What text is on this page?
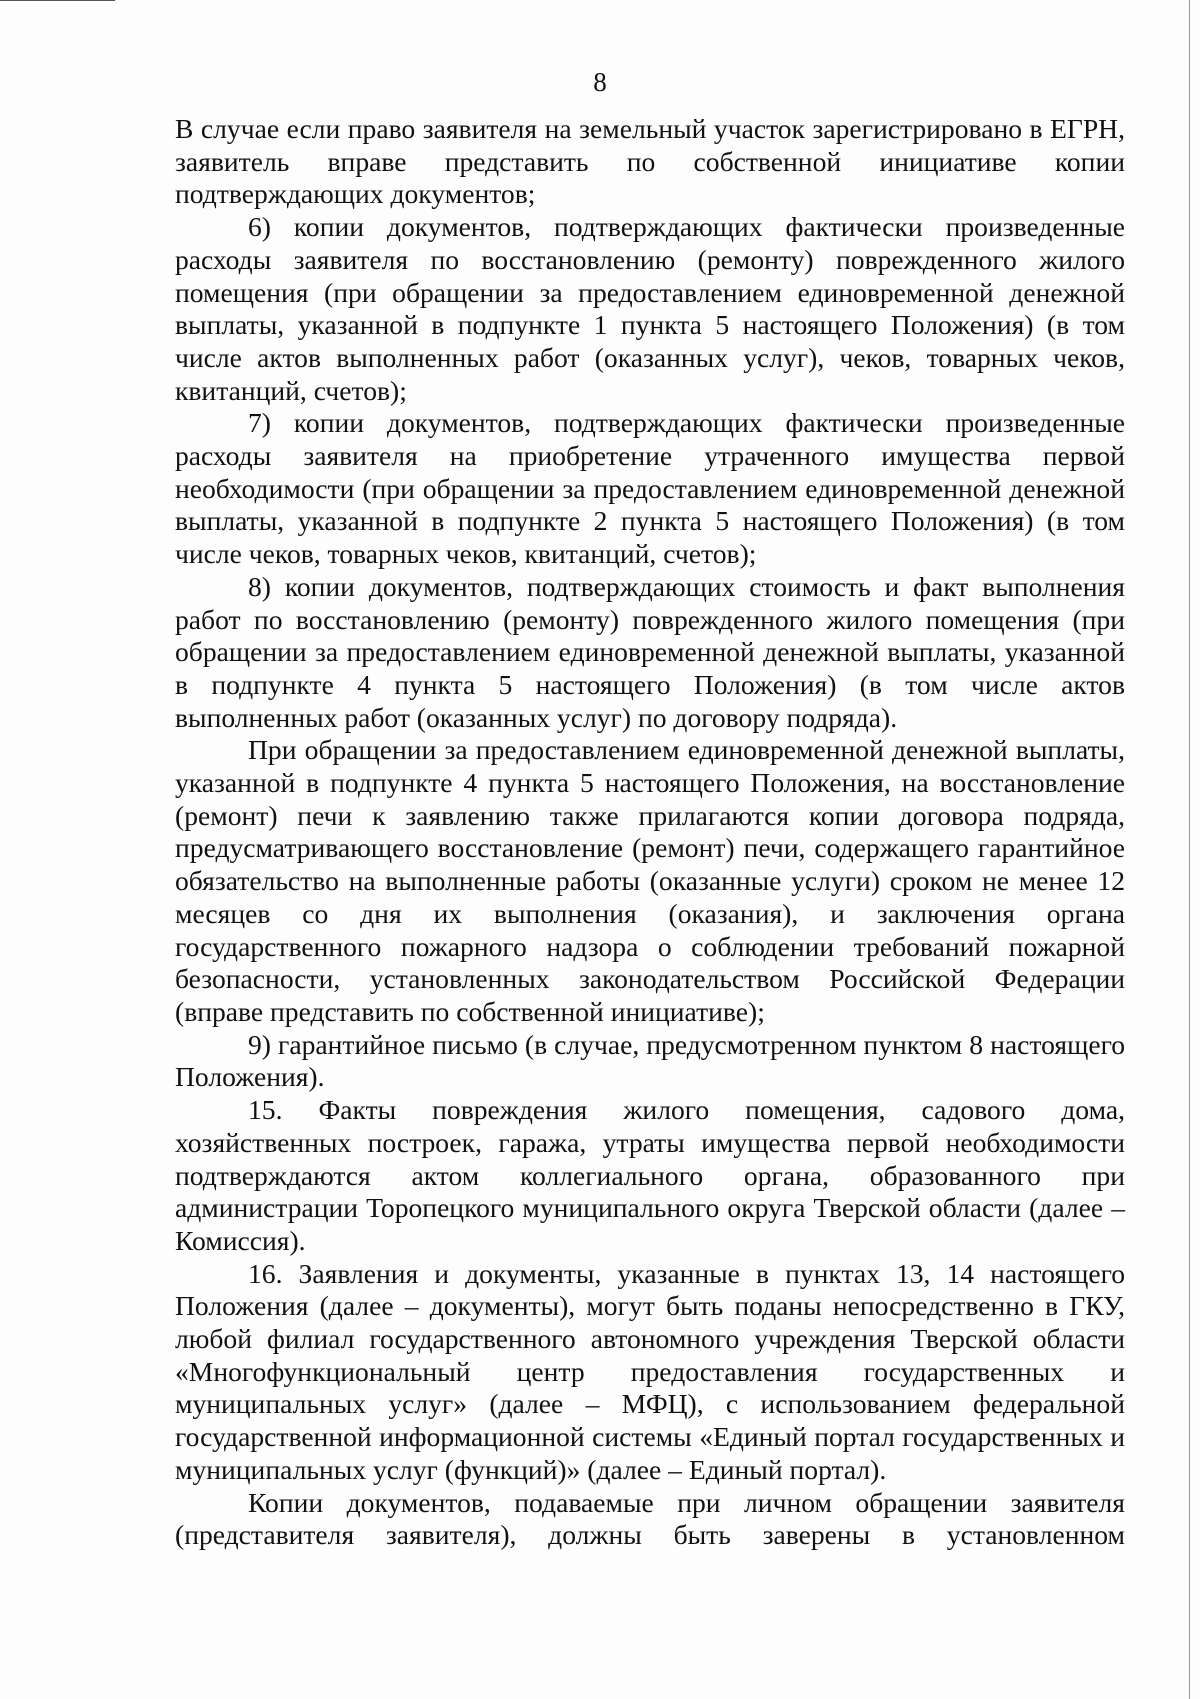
8

В случае если право заявителя на земельный участок зарегистрировано в ЕГРН, заявитель вправе представить по собственной инициативе копии подтверждающих документов;

6) копии документов, подтверждающих фактически произведенные расходы заявителя по восстановлению (ремонту) поврежденного жилого помещения (при обращении за предоставлением единовременной денежной выплаты, указанной в подпункте 1 пункта 5 настоящего Положения) (в том числе актов выполненных работ (оказанных услуг), чеков, товарных чеков, квитанций, счетов);

7) копии документов, подтверждающих фактически произведенные расходы заявителя на приобретение утраченного имущества первой необходимости (при обращении за предоставлением единовременной денежной выплаты, указанной в подпункте 2 пункта 5 настоящего Положения) (в том числе чеков, товарных чеков, квитанций, счетов);

8) копии документов, подтверждающих стоимость и факт выполнения работ по восстановлению (ремонту) поврежденного жилого помещения (при обращении за предоставлением единовременной денежной выплаты, указанной в подпункте 4 пункта 5 настоящего Положения) (в том числе актов выполненных работ (оказанных услуг) по договору подряда).

При обращении за предоставлением единовременной денежной выплаты, указанной в подпункте 4 пункта 5 настоящего Положения, на восстановление (ремонт) печи к заявлению также прилагаются копии договора подряда, предусматривающего восстановление (ремонт) печи, содержащего гарантийное обязательство на выполненные работы (оказанные услуги) сроком не менее 12 месяцев со дня их выполнения (оказания), и заключения органа государственного пожарного надзора о соблюдении требований пожарной безопасности, установленных законодательством Российской Федерации (вправе представить по собственной инициативе);

9) гарантийное письмо (в случае, предусмотренном пунктом 8 настоящего Положения).

15. Факты повреждения жилого помещения, садового дома, хозяйственных построек, гаража, утраты имущества первой необходимости подтверждаются актом коллегиального органа, образованного при администрации Торопецкого муниципального округа Тверской области (далее – Комиссия).

16. Заявления и документы, указанные в пунктах 13, 14 настоящего Положения (далее – документы), могут быть поданы непосредственно в ГКУ, любой филиал государственного автономного учреждения Тверской области «Многофункциональный центр предоставления государственных и муниципальных услуг» (далее – МФЦ), с использованием федеральной государственной информационной системы «Единый портал государственных и муниципальных услуг (функций)» (далее – Единый портал).

Копии документов, подаваемые при личном обращении заявителя (представителя заявителя), должны быть заверены в установленном
